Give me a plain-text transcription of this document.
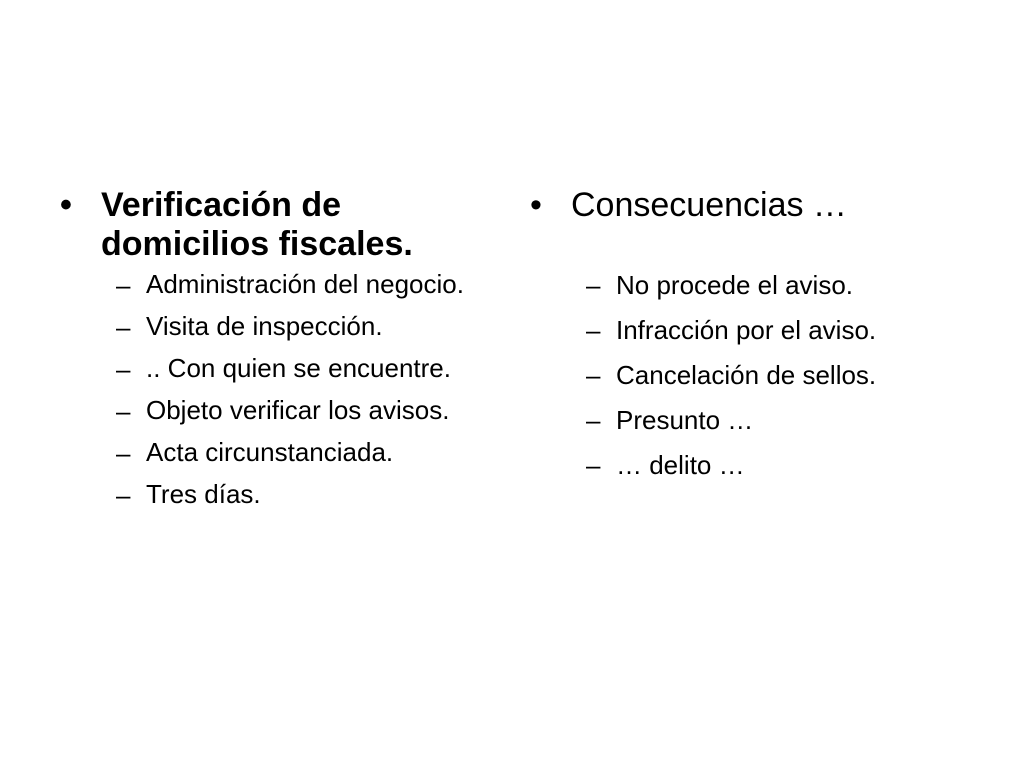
• Verificación de domicilios fiscales.
– Administración del negocio.
– Visita de inspección.
– .. Con quien se encuentre.
– Objeto verificar los avisos.
– Acta circunstanciada.
– Tres días.
• Consecuencias …
– No procede el aviso.
– Infracción por el aviso.
– Cancelación de sellos.
– Presunto …
– … delito …
